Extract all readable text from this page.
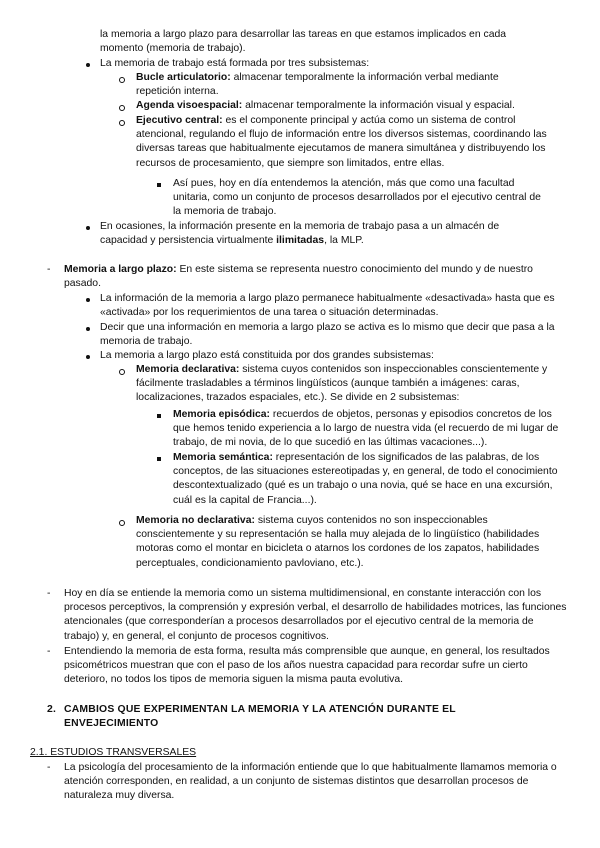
la memoria a largo plazo para desarrollar las tareas en que estamos implicados en cada momento (memoria de trabajo).

La memoria de trabajo está formada por tres subsistemas:

Bucle articulatorio: almacenar temporalmente la información verbal mediante repetición interna.

Agenda visoespacial: almacenar temporalmente la información visual y espacial.

Ejecutivo central: es el componente principal y actúa como un sistema de control atencional, regulando el flujo de información entre los diversos sistemas, coordinando las diversas tareas que habitualmente ejecutamos de manera simultánea y distribuyendo los recursos de procesamiento, que siempre son limitados, entre ellas.

Así pues, hoy en día entendemos la atención, más que como una facultad unitaria, como un conjunto de procesos desarrollados por el ejecutivo central de la memoria de trabajo.

En ocasiones, la información presente en la memoria de trabajo pasa a un almacén de capacidad y persistencia virtualmente ilimitadas, la MLP.

- Memoria a largo plazo: En este sistema se representa nuestro conocimiento del mundo y de nuestro pasado.

La información de la memoria a largo plazo permanece habitualmente «desactivada» hasta que es «activada» por los requerimientos de una tarea o situación determinadas.

Decir que una información en memoria a largo plazo se activa es lo mismo que decir que pasa a la memoria de trabajo.

La memoria a largo plazo está constituida por dos grandes subsistemas:

Memoria declarativa: sistema cuyos contenidos son inspeccionables conscientemente y fácilmente trasladables a términos lingüísticos (aunque también a imágenes: caras, localizaciones, trazados espaciales, etc.). Se divide en 2 subsistemas:

Memoria episódica: recuerdos de objetos, personas y episodios concretos de los que hemos tenido experiencia a lo largo de nuestra vida (el recuerdo de mi lugar de trabajo, de mi novia, de lo que sucedió en las últimas vacaciones...).

Memoria semántica: representación de los significados de las palabras, de los conceptos, de las situaciones estereotipadas y, en general, de todo el conocimiento descontextualizado (qué es un trabajo o una novia, qué se hace en una excursión, cuál es la capital de Francia...).

Memoria no declarativa: sistema cuyos contenidos no son inspeccionables conscientemente y su representación se halla muy alejada de lo lingüístico (habilidades motoras como el montar en bicicleta o atarnos los cordones de los zapatos, habilidades perceptuales, condicionamiento pavloviano, etc.).

- Hoy en día se entiende la memoria como un sistema multidimensional, en constante interacción con los procesos perceptivos, la comprensión y expresión verbal, el desarrollo de habilidades motrices, las funciones atencionales (que corresponderían a procesos desarrollados por el ejecutivo central de la memoria de trabajo) y, en general, el conjunto de procesos cognitivos.

- Entendiendo la memoria de esta forma, resulta más comprensible que aunque, en general, los resultados psicométricos muestran que con el paso de los años nuestra capacidad para recordar sufre un cierto deterioro, no todos los tipos de memoria siguen la misma pauta evolutiva.

2. CAMBIOS QUE EXPERIMENTAN LA MEMORIA Y LA ATENCIÓN DURANTE EL ENVEJECIMIENTO

2.1. ESTUDIOS TRANSVERSALES

- La psicología del procesamiento de la información entiende que lo que habitualmente llamamos memoria o atención corresponden, en realidad, a un conjunto de sistemas distintos que desarrollan procesos de naturaleza muy diversa.
